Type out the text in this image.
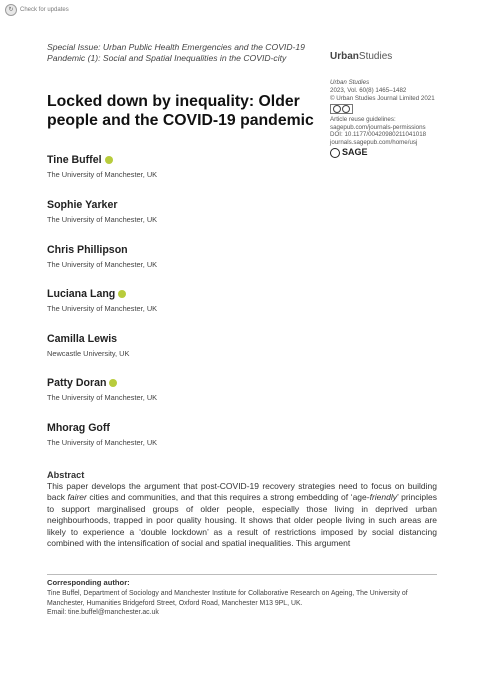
↻	Check for updates
Special Issue: Urban Public Health Emergencies and the COVID-19 Pandemic (1): Social and Spatial Inequalities in the COVID-city	UrbanStudies
Urban Studies
2023, Vol. 60(8) 1465–1482
© Urban Studies Journal Limited 2021
Article reuse guidelines:
sagepub.com/journals-permissions
DOI: 10.1177/00420980211041018
journals.sagepub.com/home/usj
SAGE
Locked down by inequality: Older people and the COVID-19 pandemic
Tine Buffel
The University of Manchester, UK
Sophie Yarker
The University of Manchester, UK
Chris Phillipson
The University of Manchester, UK
Luciana Lang
The University of Manchester, UK
Camilla Lewis
Newcastle University, UK
Patty Doran
The University of Manchester, UK
Mhorag Goff
The University of Manchester, UK
Abstract
This paper develops the argument that post-COVID-19 recovery strategies need to focus on building back fairer cities and communities, and that this requires a strong embedding of ‘age-friendly’ principles to support marginalised groups of older people, especially those living in deprived urban neighbourhoods, trapped in poor quality housing. It shows that older people living in such areas are likely to experience a ‘double lockdown’ as a result of restrictions imposed by social distancing combined with the intensification of social and spatial inequalities. This argument
Corresponding author:
Tine Buffel, Department of Sociology and Manchester Institute for Collaborative Research on Ageing, The University of Manchester, Humanities Bridgeford Street, Oxford Road, Manchester M13 9PL, UK.
Email: tine.buffel@manchester.ac.uk
